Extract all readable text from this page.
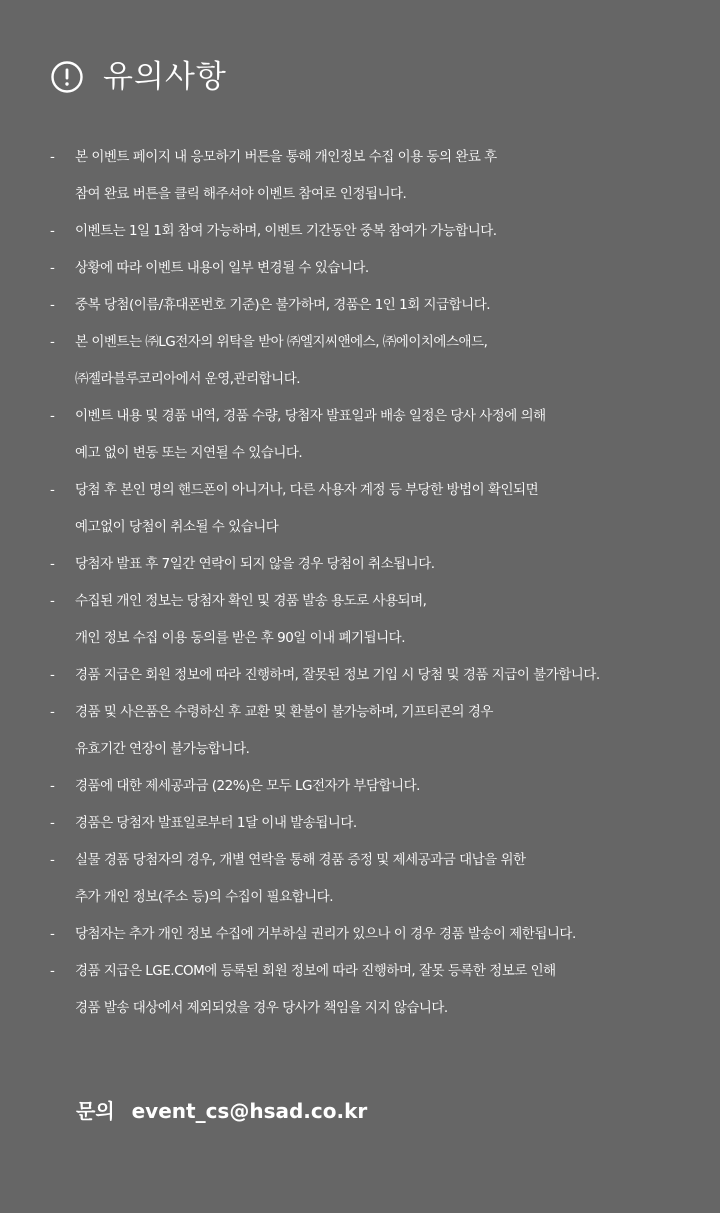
유의사항
-	본 이벤트 페이지 내 응모하기 버튼을 통해 개인정보 수집 이용 동의 완료 후
참여 완료 버튼을 클릭 해주셔야 이벤트 참여로 인정됩니다.
-	이벤트는 1일 1회 참여 가능하며, 이벤트 기간동안 중복 참여가 가능합니다.
-	상황에 따라 이벤트 내용이 일부 변경될 수 있습니다.
-	중복 당첨(이름/휴대폰번호 기준)은 불가하며, 경품은 1인 1회 지급합니다.
-	본 이벤트는 ㈜LG전자의 위탁을 받아 ㈜엘지씨앤에스, ㈜에이치에스애드,
㈜젤라블루코리아에서 운영,관리합니다.
-	이벤트 내용 및 경품 내역, 경품 수량, 당첨자 발표일과 배송 일정은 당사 사정에 의해
예고 없이 변동 또는 지연될 수 있습니다.
-	당첨 후 본인 명의 핸드폰이 아니거나, 다른 사용자 계정 등 부당한 방법이 확인되면
예고없이 당첨이 취소될 수 있습니다
-	당첨자 발표 후 7일간 연락이 되지 않을 경우 당첨이 취소됩니다.
-	수집된 개인 정보는 당첨자 확인 및 경품 발송 용도로 사용되며,
개인 정보 수집 이용 동의를 받은 후 90일 이내 폐기됩니다.
-	경품 지급은 회원 정보에 따라 진행하며, 잘못된 정보 기입 시 당첨 및 경품 지급이 불가합니다.
-	경품 및 사은품은 수령하신 후 교환 및 환불이 불가능하며, 기프티콘의 경우
유효기간 연장이 불가능합니다.
-	경품에 대한 제세공과금 (22%)은 모두 LG전자가 부담합니다.
-	경품은 당첨자 발표일로부터 1달 이내 발송됩니다.
-	실물 경품 당첨자의 경우, 개별 연락을 통해 경품 증정 및 제세공과금 대납을 위한
추가 개인 정보(주소 등)의 수집이 필요합니다.
-	당첨자는 추가 개인 정보 수집에 거부하실 권리가 있으나 이 경우 경품 발송이 제한됩니다.
-	경품 지급은 LGE.COM에 등록된 회원 정보에 따라 진행하며, 잘못 등록한 정보로 인해
경품 발송 대상에서 제외되었을 경우 당사가 책임을 지지 않습니다.
문의 event_cs@hsad.co.kr
